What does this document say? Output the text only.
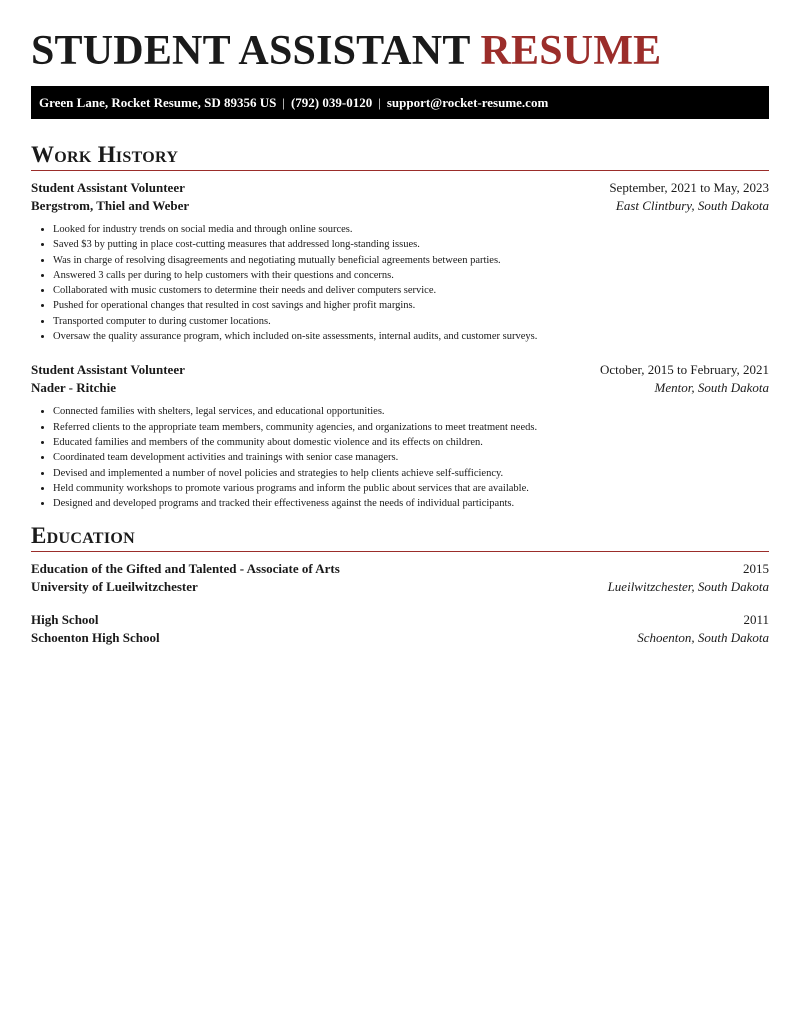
STUDENT ASSISTANT RESUME
Green Lane, Rocket Resume, SD 89356 US | (792) 039-0120 | support@rocket-resume.com
Work History
Student Assistant Volunteer	September, 2021 to May, 2023
Bergstrom, Thiel and Weber	East Clintbury, South Dakota
• Looked for industry trends on social media and through online sources.
• Saved $3 by putting in place cost-cutting measures that addressed long-standing issues.
• Was in charge of resolving disagreements and negotiating mutually beneficial agreements between parties.
• Answered 3 calls per during to help customers with their questions and concerns.
• Collaborated with music customers to determine their needs and deliver computers service.
• Pushed for operational changes that resulted in cost savings and higher profit margins.
• Transported computer to during customer locations.
• Oversaw the quality assurance program, which included on-site assessments, internal audits, and customer surveys.
Student Assistant Volunteer	October, 2015 to February, 2021
Nader - Ritchie	Mentor, South Dakota
• Connected families with shelters, legal services, and educational opportunities.
• Referred clients to the appropriate team members, community agencies, and organizations to meet treatment needs.
• Educated families and members of the community about domestic violence and its effects on children.
• Coordinated team development activities and trainings with senior case managers.
• Devised and implemented a number of novel policies and strategies to help clients achieve self-sufficiency.
• Held community workshops to promote various programs and inform the public about services that are available.
• Designed and developed programs and tracked their effectiveness against the needs of individual participants.
Education
Education of the Gifted and Talented - Associate of Arts	2015
University of Lueilwitzchester	Lueilwitzchester, South Dakota
High School	2011
Schoenton High School	Schoenton, South Dakota
